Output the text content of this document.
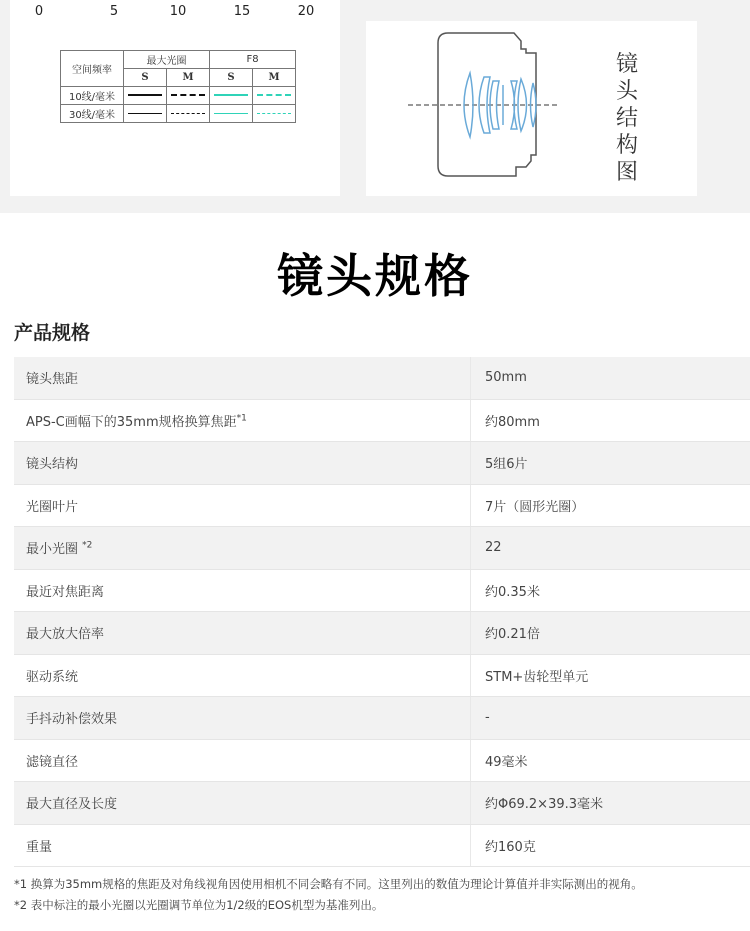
0	5	10	15	20
空间频率	最大光圈		F8	
	S	M	S	M
10线/毫米				
30线/毫米				
镜
头
结
构
图
镜头规格
产品规格
镜头焦距	50mm
APS-C画幅下的35mm规格换算焦距$^{*1}$	约80mm
镜头结构	5组6片
光圈叶片	7片（圆形光圈）
最小光圈 $^{*2}$	22
最近对焦距离	约0.35米
最大放大倍率	约0.21倍
驱动系统	STM+齿轮型单元
手抖动补偿效果	-
滤镜直径	49毫米
最大直径及长度	约Φ69.2×39.3毫米
重量	约160克
*1 换算为35mm规格的焦距及对角线视角因使用相机不同会略有不同。这里列出的数值为理论计算值并非实际测出的视角。
*2 表中标注的最小光圈以光圈调节单位为1/2级的EOS机型为基准列出。
